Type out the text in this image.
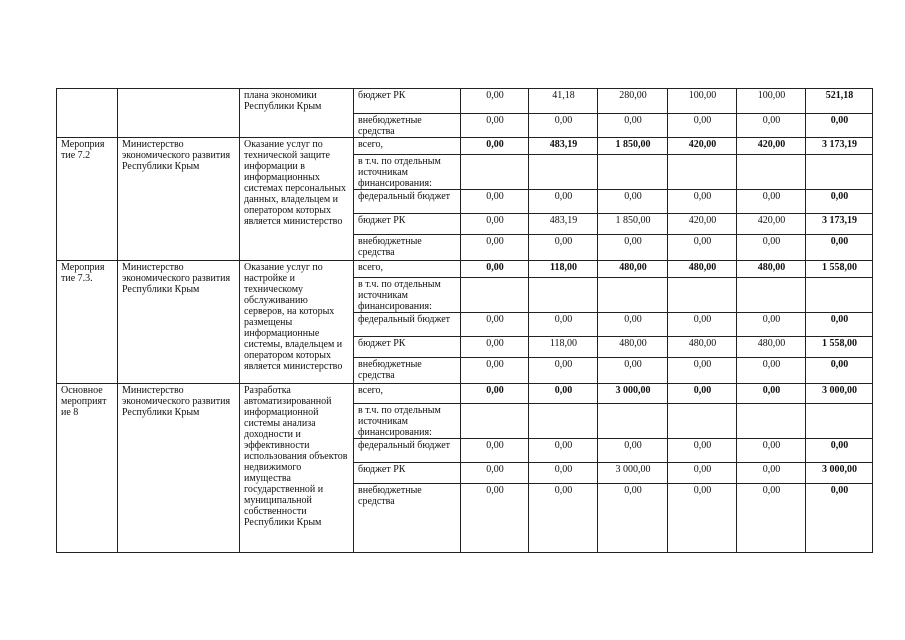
		плана экономики Республики Крым	бюджет РК	0,00	41,18	280,00	100,00	100,00	521,18
			внебюджетные средства	0,00	0,00	0,00	0,00	0,00	0,00
Мероприя тие 7.2	Министерство экономического развития Республики Крым	Оказание услуг по технической защите информации в информационных системах персональных данных, владельцем и оператором которых является министерство	всего,	0,00	483,19	1 850,00	420,00	420,00	3 173,19
			в т.ч. по отдельным источникам финансирования:						
			федеральный бюджет	0,00	0,00	0,00	0,00	0,00	0,00
			бюджет РК	0,00	483,19	1 850,00	420,00	420,00	3 173,19
			внебюджетные средства	0,00	0,00	0,00	0,00	0,00	0,00
Мероприя тие 7.3.	Министерство экономического развития Республики Крым	Оказание услуг по настройке и техническому обслуживанию серверов, на которых размещены информационные системы, владельцем и оператором которых является министерство	всего,	0,00	118,00	480,00	480,00	480,00	1 558,00
			в т.ч. по отдельным источникам финансирования:						
			федеральный бюджет	0,00	0,00	0,00	0,00	0,00	0,00
			бюджет РК	0,00	118,00	480,00	480,00	480,00	1 558,00
			внебюджетные средства	0,00	0,00	0,00	0,00	0,00	0,00
Основное мероприят ие 8	Министерство экономического развития Республики Крым	Разработка автоматизированной информационной системы анализа доходности и эффективности использования объектов недвижимого имущества государственной и муниципальной собственности Республики Крым	всего,	0,00	0,00	3 000,00	0,00	0,00	3 000,00
			в т.ч. по отдельным источникам финансирования:						
			федеральный бюджет	0,00	0,00	0,00	0,00	0,00	0,00
			бюджет РК	0,00	0,00	3 000,00	0,00	0,00	3 000,00
			внебюджетные средства	0,00	0,00	0,00	0,00	0,00	0,00
